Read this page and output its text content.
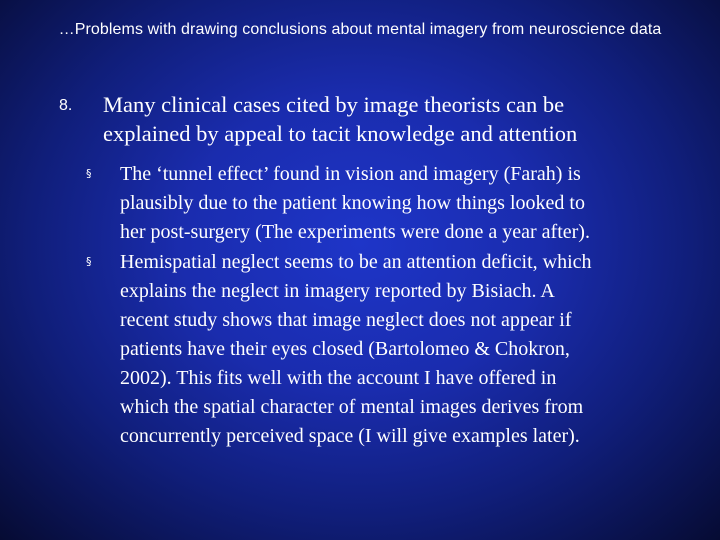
…Problems with drawing conclusions about mental imagery from neuroscience data
8. Many clinical cases cited by image theorists can be
explained by appeal to tacit knowledge and attention
§ The ‘tunnel effect’ found in vision and imagery (Farah) is
plausibly due to the patient knowing how things looked to
her post-surgery (The experiments were done a year after).
§ Hemispatial neglect seems to be an attention deficit, which
explains the neglect in imagery reported by Bisiach. A
recent study shows that image neglect does not appear if
patients have their eyes closed (Bartolomeo & Chokron,
2002). This fits well with the account I have offered in
which the spatial character of mental images derives from
concurrently perceived space (I will give examples later).
